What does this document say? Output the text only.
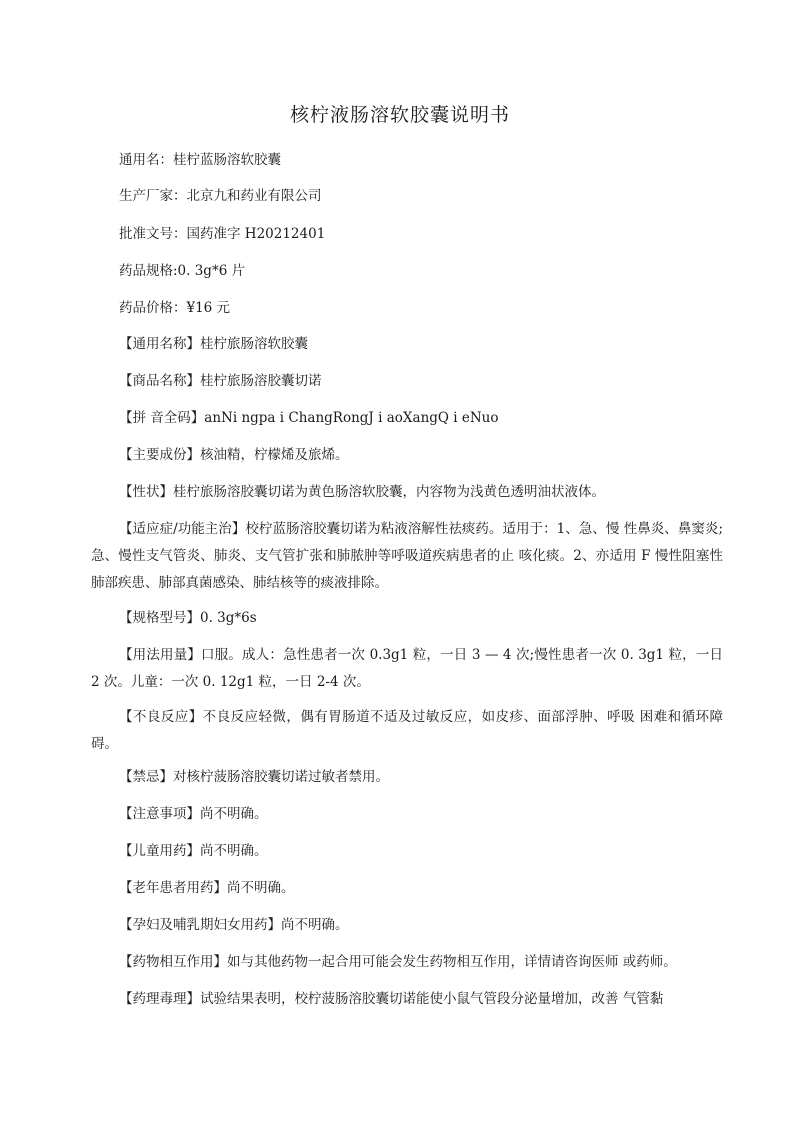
核柠液肠溶软胶囊说明书
通用名：桂柠蓝肠溶软胶囊
生产厂家：北京九和药业有限公司
批准文号：国药准字 H20212401
药品规格:0. 3g*6 片
药品价格：¥16 元
【通用名称】桂柠旅肠溶软胶囊
【商品名称】桂柠旅肠溶胶囊切诺
【拼 音全码】anNi ngpa i ChangRongJ i aoXangQ i eNuo
【主要成份】核油精，柠檬烯及旅烯。
【性状】桂柠旅肠溶胶囊切诺为黄色肠溶软胶囊，内容物为浅黄色透明油状液体。
【适应症/功能主治】校柠蓝肠溶胶囊切诺为粘液溶解性祛痰药。适用于：1、急、慢 性鼻炎、鼻窦炎;急、慢性支气管炎、肺炎、支气管扩张和肺脓肿等呼吸道疾病患者的止 咳化痰。2、亦适用 F 慢性阻塞性肺部疾患、肺部真菌感染、肺结核等的痰液排除。
【规格型号】0. 3g*6s
【用法用量】口服。成人：急性患者一次 0.3g1 粒，一日 3 — 4 次;慢性患者一次 0. 3g1 粒，一日 2 次。儿童：一次 0. 12g1 粒，一日 2-4 次。
【不良反应】不良反应轻微，偶有胃肠道不适及过敏反应，如皮疹、面部浮肿、呼吸 困难和循环障碍。
【禁忌】对核柠菠肠溶胶囊切诺过敏者禁用。
【注意事项】尚不明确。
【儿童用药】尚不明确。
【老年患者用药】尚不明确。
【孕妇及哺乳期妇女用药】尚不明确。
【药物相互作用】如与其他药物一起合用可能会发生药物相互作用，详情请咨询医师 或药师。
【药理毒理】试验结果表明，校柠菠肠溶胶囊切诺能使小鼠气管段分泌量增加，改善 气管黏
